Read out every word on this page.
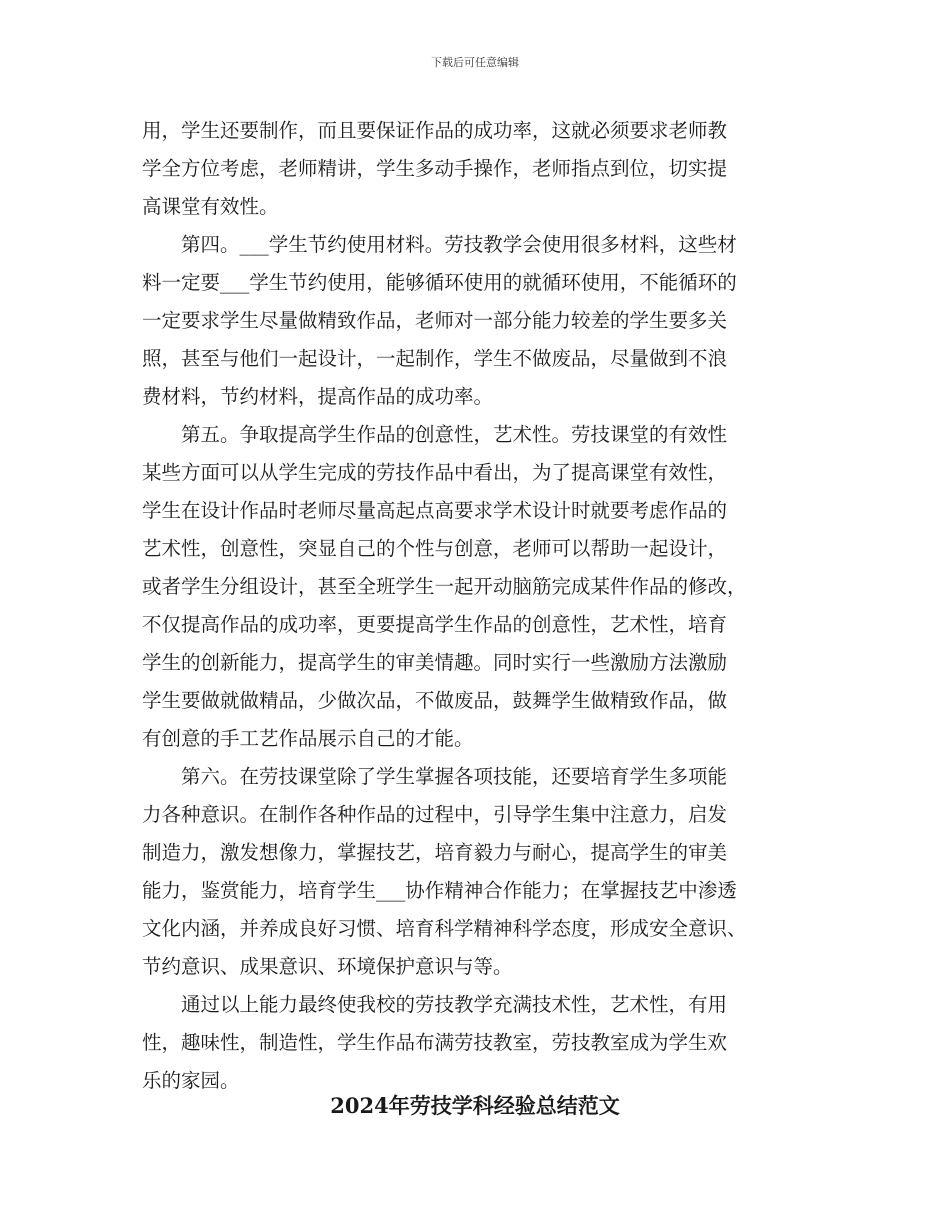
下载后可任意编辑
用，学生还要制作，而且要保证作品的成功率，这就必须要求老师教
学全方位考虑，老师精讲，学生多动手操作，老师指点到位，切实提
高课堂有效性。
　　第四。___学生节约使用材料。劳技教学会使用很多材料，这些材
料一定要___学生节约使用，能够循环使用的就循环使用，不能循环的
一定要求学生尽量做精致作品，老师对一部分能力较差的学生要多关
照，甚至与他们一起设计，一起制作，学生不做废品，尽量做到不浪
费材料，节约材料，提高作品的成功率。
　　第五。争取提高学生作品的创意性，艺术性。劳技课堂的有效性
某些方面可以从学生完成的劳技作品中看出，为了提高课堂有效性，
学生在设计作品时老师尽量高起点高要求学术设计时就要考虑作品的
艺术性，创意性，突显自己的个性与创意，老师可以帮助一起设计，
或者学生分组设计，甚至全班学生一起开动脑筋完成某件作品的修改，
不仅提高作品的成功率，更要提高学生作品的创意性，艺术性，培育
学生的创新能力，提高学生的审美情趣。同时实行一些激励方法激励
学生要做就做精品，少做次品，不做废品，鼓舞学生做精致作品，做
有创意的手工艺作品展示自己的才能。
　　第六。在劳技课堂除了学生掌握各项技能，还要培育学生多项能
力各种意识。在制作各种作品的过程中，引导学生集中注意力，启发
制造力，激发想像力，掌握技艺，培育毅力与耐心，提高学生的审美
能力，鉴赏能力，培育学生___协作精神合作能力；在掌握技艺中渗透
文化内涵，并养成良好习惯、培育科学精神科学态度，形成安全意识、
节约意识、成果意识、环境保护意识与等。
　　通过以上能力最终使我校的劳技教学充满技术性，艺术性，有用
性，趣味性，制造性，学生作品布满劳技教室，劳技教室成为学生欢
乐的家园。
2024年劳技学科经验总结范文
